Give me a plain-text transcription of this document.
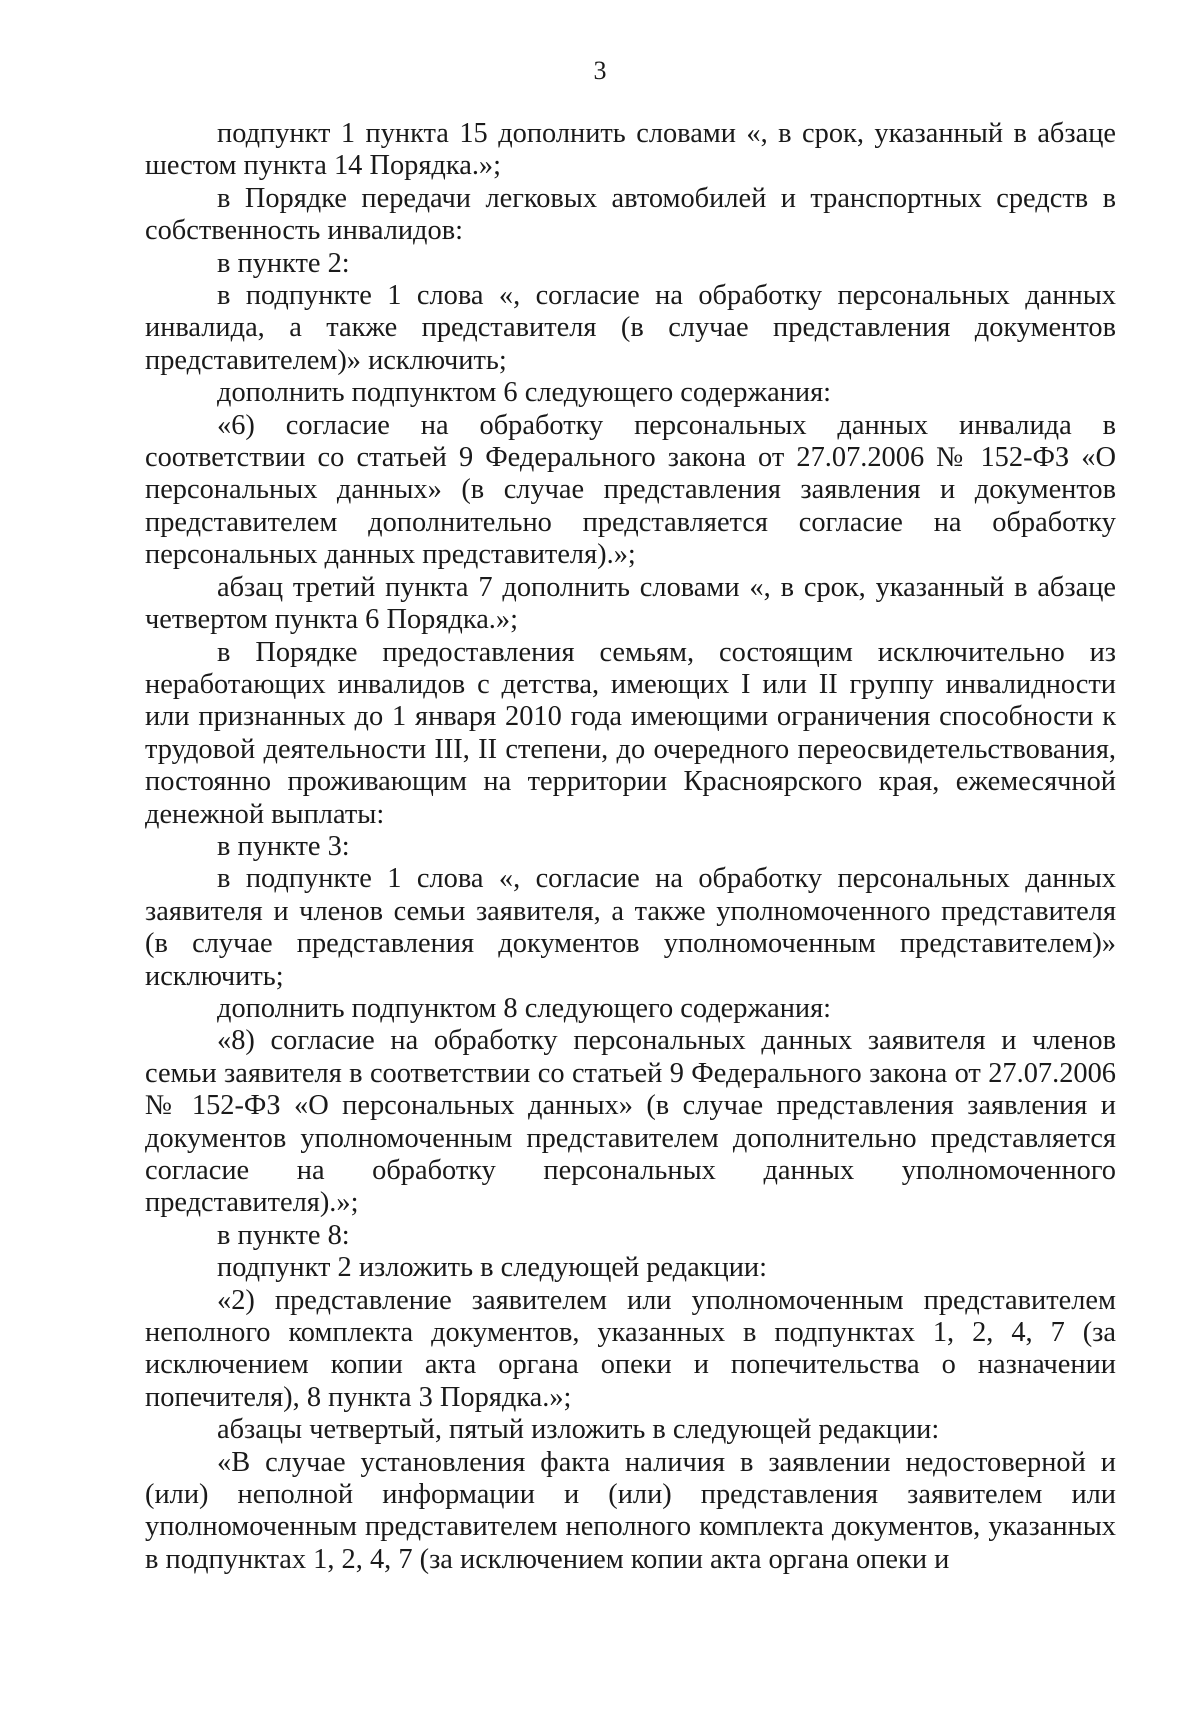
3

подпункт 1 пункта 15 дополнить словами «, в срок, указанный в абзаце шестом пункта 14 Порядка.»;

в Порядке передачи легковых автомобилей и транспортных средств в собственность инвалидов:

в пункте 2:

в подпункте 1 слова «, согласие на обработку персональных данных инвалида, а также представителя (в случае представления документов представителем)» исключить;

дополнить подпунктом 6 следующего содержания:

«6) согласие на обработку персональных данных инвалида в соответствии со статьей 9 Федерального закона от 27.07.2006 № 152-ФЗ «О персональных данных» (в случае представления заявления и документов представителем дополнительно представляется согласие на обработку персональных данных представителя).»;

абзац третий пункта 7 дополнить словами «, в срок, указанный в абзаце четвертом пункта 6 Порядка.»;

в Порядке предоставления семьям, состоящим исключительно из неработающих инвалидов с детства, имеющих I или II группу инвалидности или признанных до 1 января 2010 года имеющими ограничения способности к трудовой деятельности III, II степени, до очередного переосвидетельствования, постоянно проживающим на территории Красноярского края, ежемесячной денежной выплаты:

в пункте 3:

в подпункте 1 слова «, согласие на обработку персональных данных заявителя и членов семьи заявителя, а также уполномоченного представителя (в случае представления документов уполномоченным представителем)» исключить;

дополнить подпунктом 8 следующего содержания:

«8) согласие на обработку персональных данных заявителя и членов семьи заявителя в соответствии со статьей 9 Федерального закона от 27.07.2006 № 152-ФЗ «О персональных данных» (в случае представления заявления и документов уполномоченным представителем дополнительно представляется согласие на обработку персональных данных уполномоченного представителя).»;

в пункте 8:

подпункт 2 изложить в следующей редакции:

«2) представление заявителем или уполномоченным представителем неполного комплекта документов, указанных в подпунктах 1, 2, 4, 7 (за исключением копии акта органа опеки и попечительства о назначении попечителя), 8 пункта 3 Порядка.»;

абзацы четвертый, пятый изложить в следующей редакции:

«В случае установления факта наличия в заявлении недостоверной и (или) неполной информации и (или) представления заявителем или уполномоченным представителем неполного комплекта документов, указанных в подпунктах 1, 2, 4, 7 (за исключением копии акта органа опеки и
